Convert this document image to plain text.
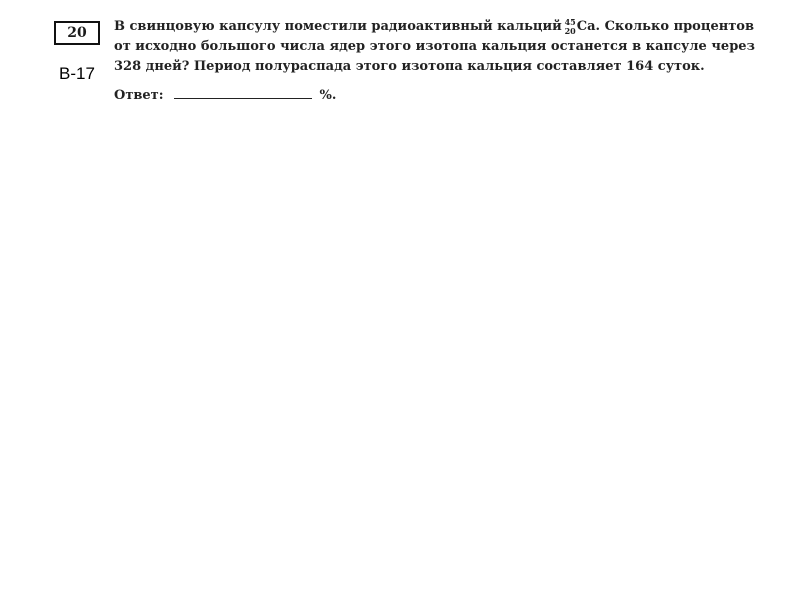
20
В-17
В свинцовую капсулу поместили радиоактивный кальций 45
20 Ca. Сколько процентов
от исходно большого числа ядер этого изотопа кальция останется в капсуле через
328 дней? Период полураспада этого изотопа кальция составляет 164 суток.
Ответ:	%.
